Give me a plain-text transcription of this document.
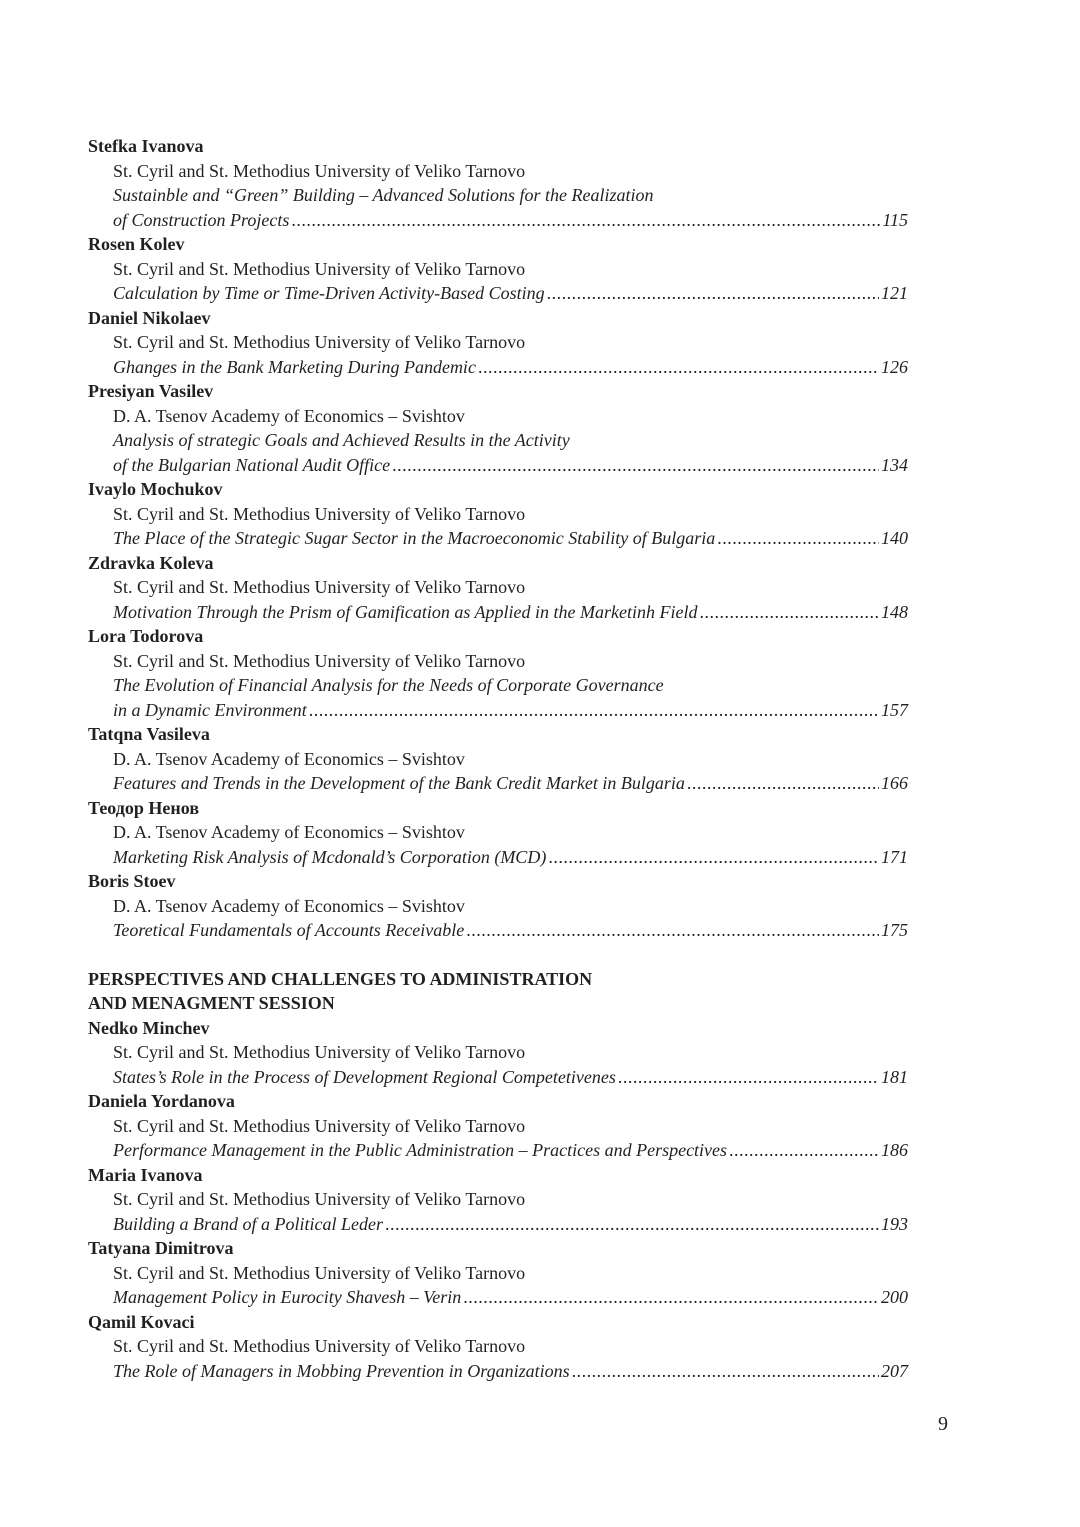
Stefka Ivanova
St. Cyril and St. Methodius University of Veliko Tarnovo
Sustainble and “Green” Building – Advanced Solutions for the Realization
of Construction Projects .....	115
Rosen Kolev
St. Cyril and St. Methodius University of Veliko Tarnovo
Calculation by Time or Time-Driven Activity-Based Costing .....	121
Daniel Nikolaev
St. Cyril and St. Methodius University of Veliko Tarnovo
Ghanges in the Bank Marketing During Pandemic .....	126
Presiyan Vasilev
D. A. Tsenov Academy of Economics – Svishtov
Analysis of strategic Goals and Achieved Results in the Activity
of the Bulgarian National Audit Office .....	134
Ivaylo Mochukov
St. Cyril and St. Methodius University of Veliko Tarnovo
The Place of the Strategic Sugar Sector in the Macroeconomic Stability of Bulgaria .....	140
Zdravka Koleva
St. Cyril and St. Methodius University of Veliko Tarnovo
Motivation Through the Prism of Gamification as Applied in the Marketinh Field .....	148
Lora Todorova
St. Cyril and St. Methodius University of Veliko Tarnovo
The Evolution of Financial Analysis for the Needs of Corporate Governance
in a Dynamic Environment .....	157
Tatqna Vasileva
D. A. Tsenov Academy of Economics – Svishtov
Features and Trends in the Development of the Bank Credit Market in Bulgaria .....	166
Теодор Ненов
D. A. Tsenov Academy of Economics – Svishtov
Marketing Risk Analysis of Mcdonald’s Corporation (MCD) .....	171
Boris Stoev
D. A. Tsenov Academy of Economics – Svishtov
Teoretical Fundamentals of Accounts Receivable .....	175
PERSPECTIVES AND CHALLENGES TO ADMINISTRATION
AND MENAGMENT SESSION
Nedko Minchev
St. Cyril and St. Methodius University of Veliko Tarnovo
States’s Role in the Process of Development Regional Competetivenes .....	181
Daniela Yordanova
St. Cyril and St. Methodius University of Veliko Tarnovo
Performance Management in the Public Administration – Practices and Perspectives .....	186
Maria Ivanova
St. Cyril and St. Methodius University of Veliko Tarnovo
Building a Brand of a Political Leder .....	193
Tatyana Dimitrova
St. Cyril and St. Methodius University of Veliko Tarnovo
Management Policy in Eurocity Shavesh – Verin .....	200
Qamil Kovaci
St. Cyril and St. Methodius University of Veliko Tarnovo
The Role of Managers in Mobbing Prevention in Organizations .....	207
9
